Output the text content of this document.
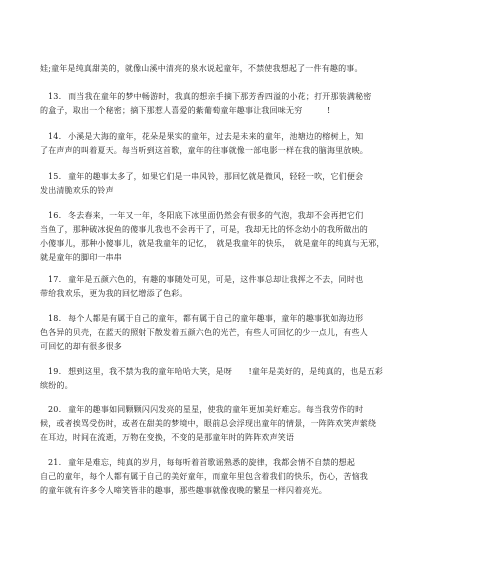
娃;童年是纯真甜美的，就像山溪中清亮的泉水说起童年，不禁使我想起了一件有趣的事。
13. 而当我在童年的梦中畅游时，我真的想亲手摘下那芳香四溢的小花；打开那装满秘密
的盒子，取出一个秘密；摘下那惹人喜爱的紫葡萄童年趣事让我回味无穷　　　!
14. 小溪是大海的童年，花朵是果实的童年，过去是未来的童年，池塘边的榕树上，知
了在声声的叫着夏天。每当听到这首歌，童年的往事就像一部电影一样在我的脑海里放映。
15. 童年的趣事太多了，如果它们是一串风铃，那回忆就是微风，轻轻一吹，它们便会
发出清脆欢乐的铃声
16. 冬去春来，一年又一年，冬阳底下冰里面仍然会有很多的气泡，我却不会再把它们
当鱼了，那种破冰捉鱼的傻事儿我也不会再干了，可是，我却无比的怀念幼小的我所做出的
小傻事儿，那种小傻事儿，就是我童年的记忆，　就是我童年的快乐，　就是童年的纯真与无邪，
就是童年的脚印一串串
17. 童年是五颜六色的，有趣的事随处可见，可是，这件事总却让我挥之不去，同时也
带给我欢乐，更为我的回忆增添了色彩。
18. 每个人都是有属于自己的童年，都有属于自己的童年趣事，童年的趣事犹如海边形
色各异的贝壳，在蓝天的照射下散发着五颜六色的光芒，有些人可回忆的少一点儿，有些人
可回忆的却有很多很多
19. 想到这里，我不禁为我的童年哈哈大笑，是呀　　!童年是美好的，是纯真的，也是五彩
缤纷的。
20. 童年的趣事如同颗颗闪闪发亮的星星，使我的童年更加美好难忘。每当我劳作的时
候，或者挨骂受伤时，或者在甜美的梦境中，眼前总会浮现出童年的情景，一阵阵欢笑声萦绕
在耳边，时间在流逝，万物在变换，不变的是那童年时的阵阵欢声笑语
21. 童年是难忘，纯真的岁月，每每听着首歌谣熟悉的旋律，我都会情不自禁的想起
自己的童年，每个人都有属于自己的美好童年，而童年里包含着我们的快乐，伤心，苦恼我
的童年就有许多令人啼笑皆非的趣事，那些趣事就像夜晚的繁星一样闪着亮光。
